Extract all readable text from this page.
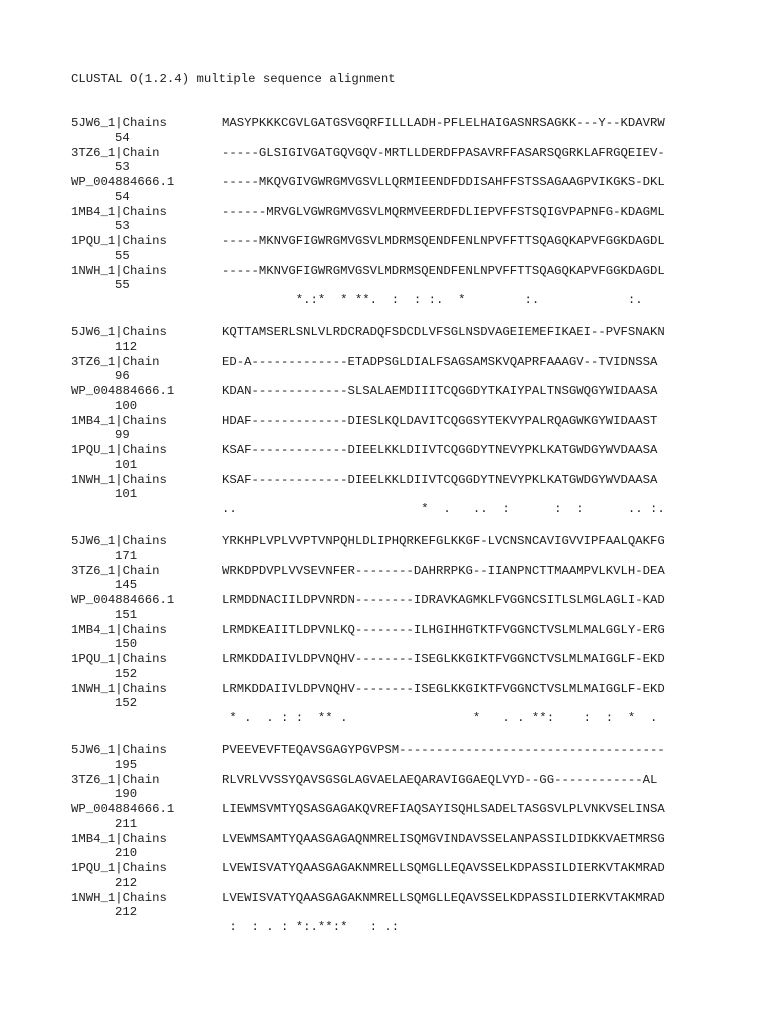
CLUSTAL O(1.2.4) multiple sequence alignment
5JW6_1|Chains	MASYPKKKCGVLGATGSVGQRFILLLADH-PFLELHAIGASNRSAGKK---Y--KDAVRW
54
3TZ6_1|Chain	-----GLSIGIVGATGQVGQV-MRTLLDERDFPASAVRFFASARSQGRKLAFRGQEIEV-
53
WP_004884666.1	-----MKQVGIVGWRGMVGSVLLQRMIEENDFDDISAHFFSTSSAGAAGPVIKGKS-DKL
54
1MB4_1|Chains	------MRVGLVGWRGMVGSVLMQRMVEERDFDLIEPVFFSTSQIGVPAPNFG-KDAGML
53
1PQU_1|Chains	-----MKNVGFIGWRGMVGSVLMDRMSQENDFENLNPVFFTTSQAGQKAPVFGGKDAGDL
55
1NWH_1|Chains	-----MKNVGFIGWRGMVGSVLMDRMSQENDFENLNPVFFTTSQAGQKAPVFGGKDAGDL
55
*.:*  * **.  :  : :.  *        :.            :.
5JW6_1|Chains	KQTTAMSERLSNLVLRDCRADQFSDCDLVFSGLNSDVAGEIEMEFIKAEI--PVFSNAKN
112
3TZ6_1|Chain	ED-A-------------ETADPSGLDIALFSAGSAMSKVQAPRFAAAGV--TVIDNSSA
96
WP_004884666.1	KDAN-------------SLSALAEMDIIITCQGGDYTKAIYPALTNSGWQGYWIDAASA
100
1MB4_1|Chains	HDAF-------------DIESLKQLDAVITCQGGSYTEKVYPALRQAGWKGYWIDAAST
99
1PQU_1|Chains	KSAF-------------DIEELKKLDIIVTCQGGDYTNEVYPKLKATGWDGYWVDAASA
101
1NWH_1|Chains	KSAF-------------DIEELKKLDIIVTCQGGDYTNEVYPKLKATGWDGYWVDAASA
101
..                         *  .   ..  :      :  :      .. :.
5JW6_1|Chains	YRKHPLVPLVVPTVNPQHLDLIPHQRKEFGLKKGF-LVCNSNCAVIGVVIPFAALQAKFG
171
3TZ6_1|Chain	WRKDPDVPLVVSEVNFER--------DAHRRPKG--IIANPNCTTMAAMPVLKVLH-DEA
145
WP_004884666.1	LRMDDNACIILDPVNRDN--------IDRAVKAGMKLFVGGNCSITLSLMGLAGLI-KAD
151
1MB4_1|Chains	LRMDKEAIITLDPVNLKQ--------ILHGIHHGTKTFVGGNCTVSLMLMALGGLY-ERG
150
1PQU_1|Chains	LRMKDDAIIVLDPVNQHV--------ISEGLKKGIKTFVGGNCTVSLMLMAIGGLF-EKD
152
1NWH_1|Chains	LRMKDDAIIVLDPVNQHV--------ISEGLKKGIKTFVGGNCTVSLMLMAIGGLF-EKD
152
* .  . : :  ** .                 *   . . **:    :  :  *  .
5JW6_1|Chains	PVEEVEVFTEQAVSGAGYPGVPSM------------------------------------
195
3TZ6_1|Chain	RLVRLVVSSYQAVSGSGLAGVAELAEQARAVIGGAEQLVYD--GG------------AL
190
WP_004884666.1	LIEWMSVMTYQSASGAGAKQVREFIAQSAYISQHLSADELTASGSVLPLVNKVSELINSA
211
1MB4_1|Chains	LVEWMSAMTYQAASGAGAQNMRELISQMGVINDAVSSELANPASSILDIDKKVAETMRSG
210
1PQU_1|Chains	LVEWISVATYQAASGAGAKNMRELLSQMGLLEQAVSSELKDPASSILDIERKVTAKMRAD
212
1NWH_1|Chains	LVEWISVATYQAASGAGAKNMRELLSQMGLLEQAVSSELKDPASSILDIERKVTAKMRAD
212
:  : . : *:.**:*   : .:
